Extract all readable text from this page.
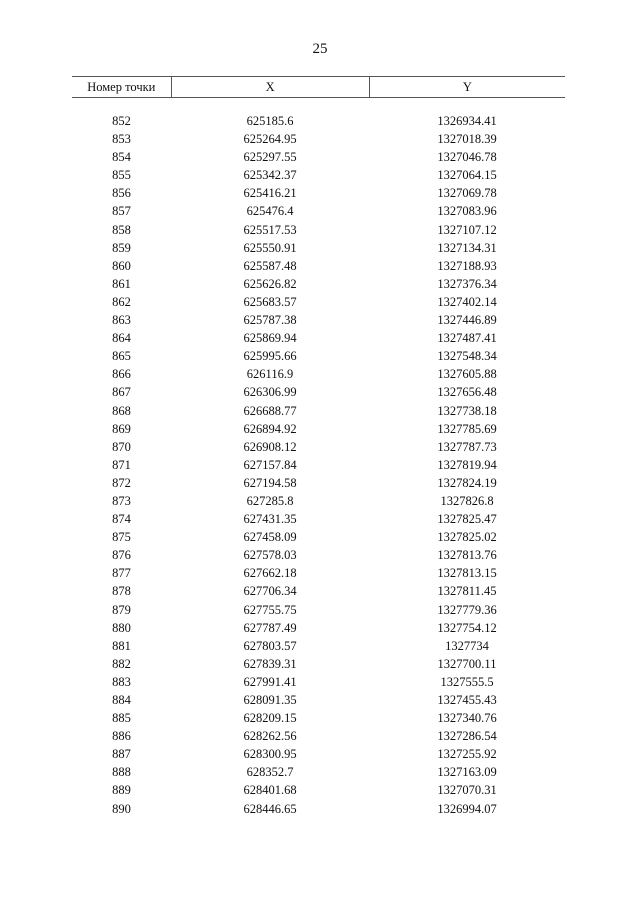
25
Номер точки	X	Y
852	625185.6	1326934.41
853	625264.95	1327018.39
854	625297.55	1327046.78
855	625342.37	1327064.15
856	625416.21	1327069.78
857	625476.4	1327083.96
858	625517.53	1327107.12
859	625550.91	1327134.31
860	625587.48	1327188.93
861	625626.82	1327376.34
862	625683.57	1327402.14
863	625787.38	1327446.89
864	625869.94	1327487.41
865	625995.66	1327548.34
866	626116.9	1327605.88
867	626306.99	1327656.48
868	626688.77	1327738.18
869	626894.92	1327785.69
870	626908.12	1327787.73
871	627157.84	1327819.94
872	627194.58	1327824.19
873	627285.8	1327826.8
874	627431.35	1327825.47
875	627458.09	1327825.02
876	627578.03	1327813.76
877	627662.18	1327813.15
878	627706.34	1327811.45
879	627755.75	1327779.36
880	627787.49	1327754.12
881	627803.57	1327734
882	627839.31	1327700.11
883	627991.41	1327555.5
884	628091.35	1327455.43
885	628209.15	1327340.76
886	628262.56	1327286.54
887	628300.95	1327255.92
888	628352.7	1327163.09
889	628401.68	1327070.31
890	628446.65	1326994.07
